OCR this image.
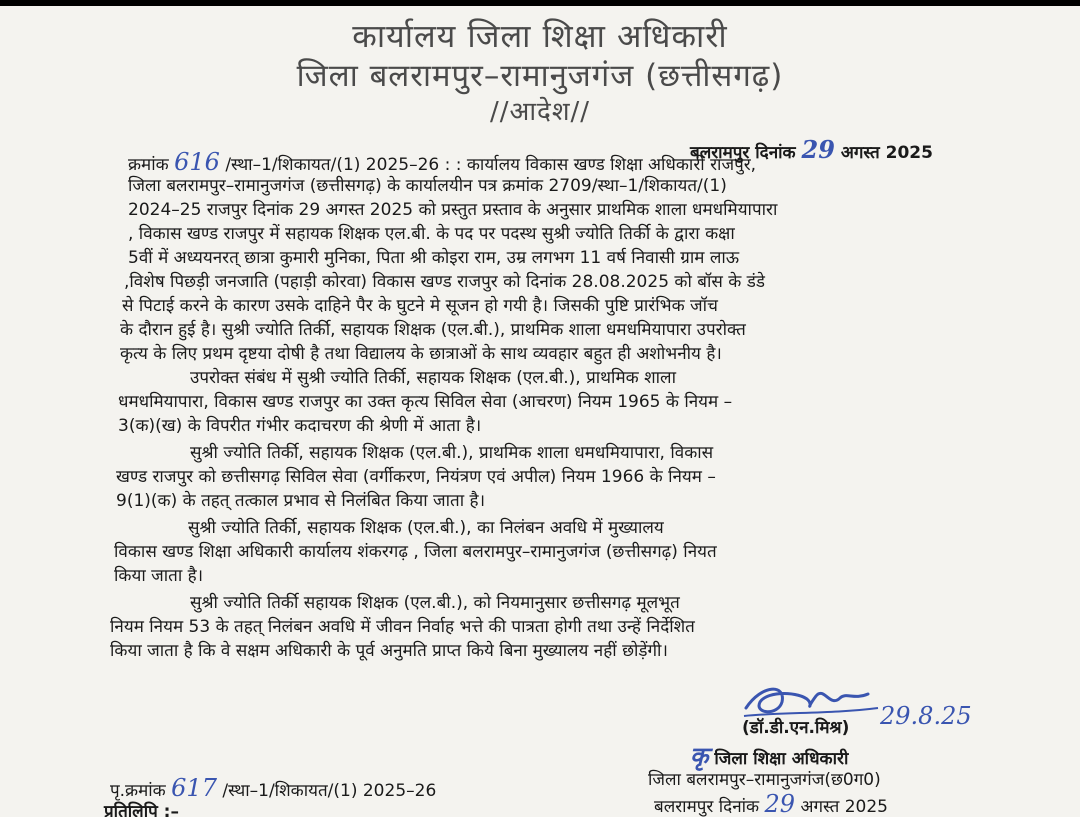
कार्यालय जिला शिक्षा अधिकारी
जिला बलरामपुर–रामानुजगंज (छत्तीसगढ़)
//आदेश//
बलरामपुर दिनांक 29 अगस्त 2025
क्रमांक 616 /स्था–1/शिकायत/(1) 2025–26 : : कार्यालय विकास खण्ड शिक्षा अधिकारी राजपुर,
जिला बलरामपुर–रामानुजगंज (छत्तीसगढ़) के कार्यालयीन पत्र क्रमांक 2709/स्था–1/शिकायत/(1)
2024–25 राजपुर दिनांक 29 अगस्त 2025 को प्रस्तुत प्रस्ताव के अनुसार प्राथमिक शाला धमधमियापारा
, विकास खण्ड राजपुर में सहायक शिक्षक एल.बी. के पद पर पदस्थ सुश्री ज्योति तिर्की के द्वारा कक्षा
5वीं में अध्ययनरत् छात्रा कुमारी मुनिका, पिता श्री कोइरा राम, उम्र लगभग 11 वर्ष निवासी ग्राम लाऊ
,विशेष पिछड़ी जनजाति (पहाड़ी कोरवा) विकास खण्ड राजपुर को दिनांक 28.08.2025 को बॉस के डंडे
से पिटाई करने के कारण उसके दाहिने पैर के घुटने मे सूजन हो गयी है। जिसकी पुष्टि प्रारंभिक जॉच
के दौरान हुई है। सुश्री ज्योति तिर्की, सहायक शिक्षक (एल.बी.), प्राथमिक शाला धमधमियापारा उपरोक्त
कृत्य के लिए प्रथम दृष्टया दोषी है तथा विद्यालय के छात्राओं के साथ व्यवहार बहुत ही अशोभनीय है।
उपरोक्त संबंध में सुश्री ज्योति तिर्की, सहायक शिक्षक (एल.बी.), प्राथमिक शाला
धमधमियापारा, विकास खण्ड राजपुर का उक्त कृत्य सिविल सेवा (आचरण) नियम 1965 के नियम –
3(क)(ख) के विपरीत गंभीर कदाचरण की श्रेणी में आता है।
सुश्री ज्योति तिर्की, सहायक शिक्षक (एल.बी.), प्राथमिक शाला धमधमियापारा, विकास
खण्ड राजपुर को छत्तीसगढ़ सिविल सेवा (वर्गीकरण, नियंत्रण एवं अपील) नियम 1966 के नियम –
9(1)(क) के तहत् तत्काल प्रभाव से निलंबित किया जाता है।
सुश्री ज्योति तिर्की, सहायक शिक्षक (एल.बी.), का निलंबन अवधि में मुख्यालय
विकास खण्ड शिक्षा अधिकारी कार्यालय शंकरगढ़ , जिला बलरामपुर–रामानुजगंज (छत्तीसगढ़) नियत
किया जाता है।
सुश्री ज्योति तिर्की सहायक शिक्षक (एल.बी.), को नियमानुसार छत्तीसगढ़ मूलभूत
नियम नियम 53 के तहत् निलंबन अवधि में जीवन निर्वाह भत्ते की पात्रता होगी तथा उन्हें निर्देशित
किया जाता है कि वे सक्षम अधिकारी के पूर्व अनुमति प्राप्त किये बिना मुख्यालय नहीं छोड़ेंगी।
(डॉ.डी.एन.मिश्र) 29.8.25
कृ जिला शिक्षा अधिकारी
जिला बलरामपुर–रामानुजगंज(छ0ग0)
बलरामपुर दिनांक 29 अगस्त 2025
पृ.क्रमांक 617 /स्था–1/शिकायत/(1) 2025–26
प्रतिलिपि :–
